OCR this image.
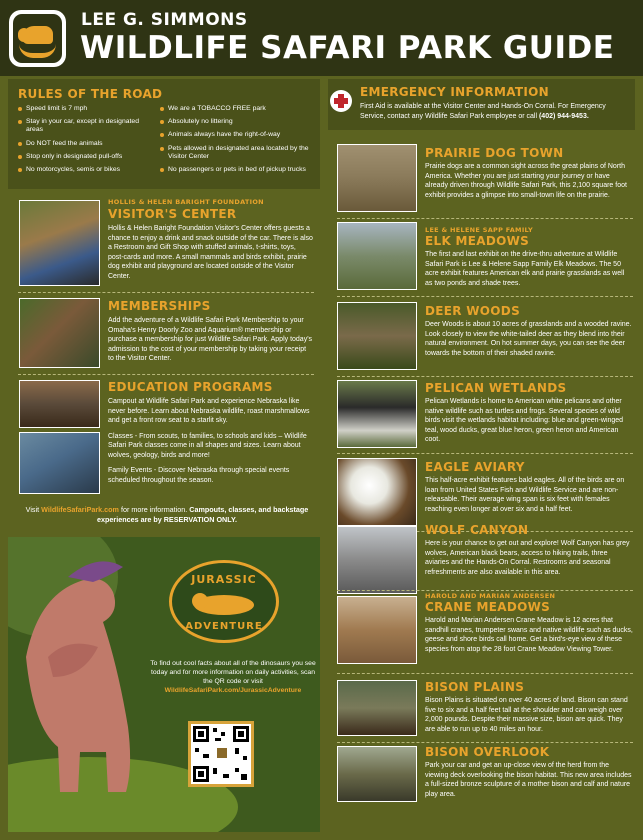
LEE G. SIMMONS
WILDLIFE SAFARI PARK GUIDE
RULES OF THE ROAD
Speed limit is 7 mph
Stay in your car, except in designated areas
Do NOT feed the animals
Stop only in designated pull-offs
No motorcycles, semis or bikes
We are a TOBACCO FREE park
Absolutely no littering
Animals always have the right-of-way
Pets allowed in designated area located by the Visitor Center
No passengers or pets in bed of pickup trucks
HOLLIS & HELEN BARIGHT FOUNDATION
VISITOR'S CENTER
Hollis & Helen Baright Foundation Visitor's Center offers guests a chance to enjoy a drink and snack outside of the car. There is also a Restroom and Gift Shop with stuffed animals, t-shirts, toys, post-cards and more. A small mammals and birds exhibit, prairie dog exhibit and playground are located outside of the Visitor Center.
MEMBERSHIPS
Add the adventure of a Wildlife Safari Park Membership to your Omaha's Henry Doorly Zoo and Aquarium® membership or purchase a membership for just Wildlife Safari Park. Apply today's admission to the cost of your membership by taking your receipt to the Visitor Center.
EDUCATION PROGRAMS
Campout at Wildlife Safari Park and experience Nebraska like never before. Learn about Nebraska wildlife, roast marshmallows and get a front row seat to a starlit sky.
Classes - From scouts, to families, to schools and kids – Wildlife Safari Park classes come in all shapes and sizes. Learn about wolves, geology, birds and more!
Family Events - Discover Nebraska through special events scheduled throughout the season.
Visit WildlifeSafariPark.com for more information. Campouts, classes, and backstage experiences are by RESERVATION ONLY.
JURASSIC
ADVENTURE
To find out cool facts about all of the dinosaurs you see today and for more information on daily activities, scan the QR code or visit
WildlifeSafariPark.com/JurassicAdventure
EMERGENCY INFORMATION
First Aid is available at the Visitor Center and Hands-On Corral. For Emergency Service, contact any Wildlife Safari Park employee or call (402) 944-9453.
PRAIRIE DOG TOWN
Prairie dogs are a common sight across the great plains of North America. Whether you are just starting your journey or have already driven through Wildlife Safari Park, this 2,100 square foot exhibit provides a glimpse into small-town life on the prairie.
LEE & HELENE SAPP FAMILY
ELK MEADOWS
The first and last exhibit on the drive-thru adventure at Wildlife Safari Park is Lee & Helene Sapp Family Elk Meadows. The 50 acre exhibit features American elk and prairie grasslands as well as two ponds and shade trees.
DEER WOODS
Deer Woods is about 10 acres of grasslands and a wooded ravine. Look closely to view the white-tailed deer as they blend into their natural environment. On hot summer days, you can see the deer towards the bottom of their shaded ravine.
PELICAN WETLANDS
Pelican Wetlands is home to American white pelicans and other native wildlife such as turtles and frogs. Several species of wild birds visit the wetlands habitat including: blue and green-winged teal, wood ducks, great blue heron, green heron and American coot.
EAGLE AVIARY
This half-acre exhibit features bald eagles. All of the birds are on loan from United States Fish and Wildlife Service and are non-releasable. Their average wing span is six feet with females reaching even longer at over six and a half feet.
WOLF CANYON
Here is your chance to get out and explore! Wolf Canyon has grey wolves, American black bears, access to hiking trails, three aviaries and the Hands-On Corral. Restrooms and seasonal refreshments are also available in this area.
HAROLD AND MARIAN ANDERSEN
CRANE MEADOWS
Harold and Marian Andersen Crane Meadow is 12 acres that sandhill cranes, trumpeter swans and native wildlife such as ducks, geese and shore birds call home. Get a bird's-eye view of these species from atop the 28 foot Crane Meadow Viewing Tower.
BISON PLAINS
Bison Plains is situated on over 40 acres of land. Bison can stand five to six and a half feet tall at the shoulder and can weigh over 2,000 pounds. Despite their massive size, bison are quick. They are able to run up to 40 miles an hour.
BISON OVERLOOK
Park your car and get an up-close view of the herd from the viewing deck overlooking the bison habitat. This new area includes a full-sized bronze sculpture of a mother bison and calf and nature play area.
